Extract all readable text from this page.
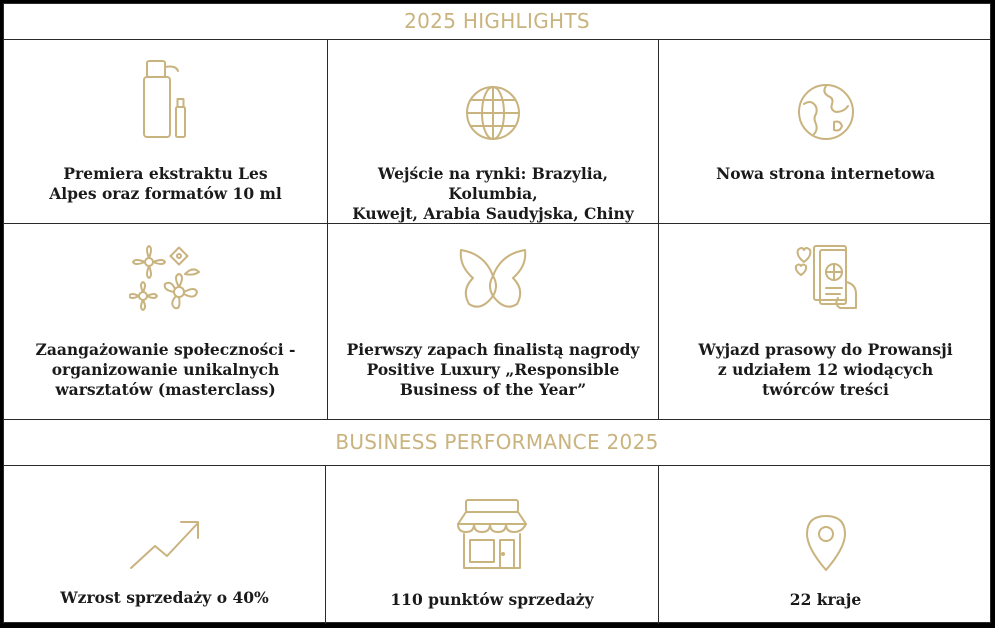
2025 HIGHLIGHTS
Premiera ekstraktu Les
Alpes oraz formatów 10 ml
Wejście na rynki: Brazylia, Kolumbia,
Kuwejt, Arabia Saudyjska, Chiny
Nowa strona internetowa
Zaangażowanie społeczności -
organizowanie unikalnych
warsztatów (masterclass)
Pierwszy zapach finalistą nagrody
Positive Luxury „Responsible
Business of the Year”
Wyjazd prasowy do Prowansji
z udziałem 12 wiodących
twórców treści
BUSINESS PERFORMANCE 2025
Wzrost sprzedaży o 40%	110 punktów sprzedaży	22 kraje
